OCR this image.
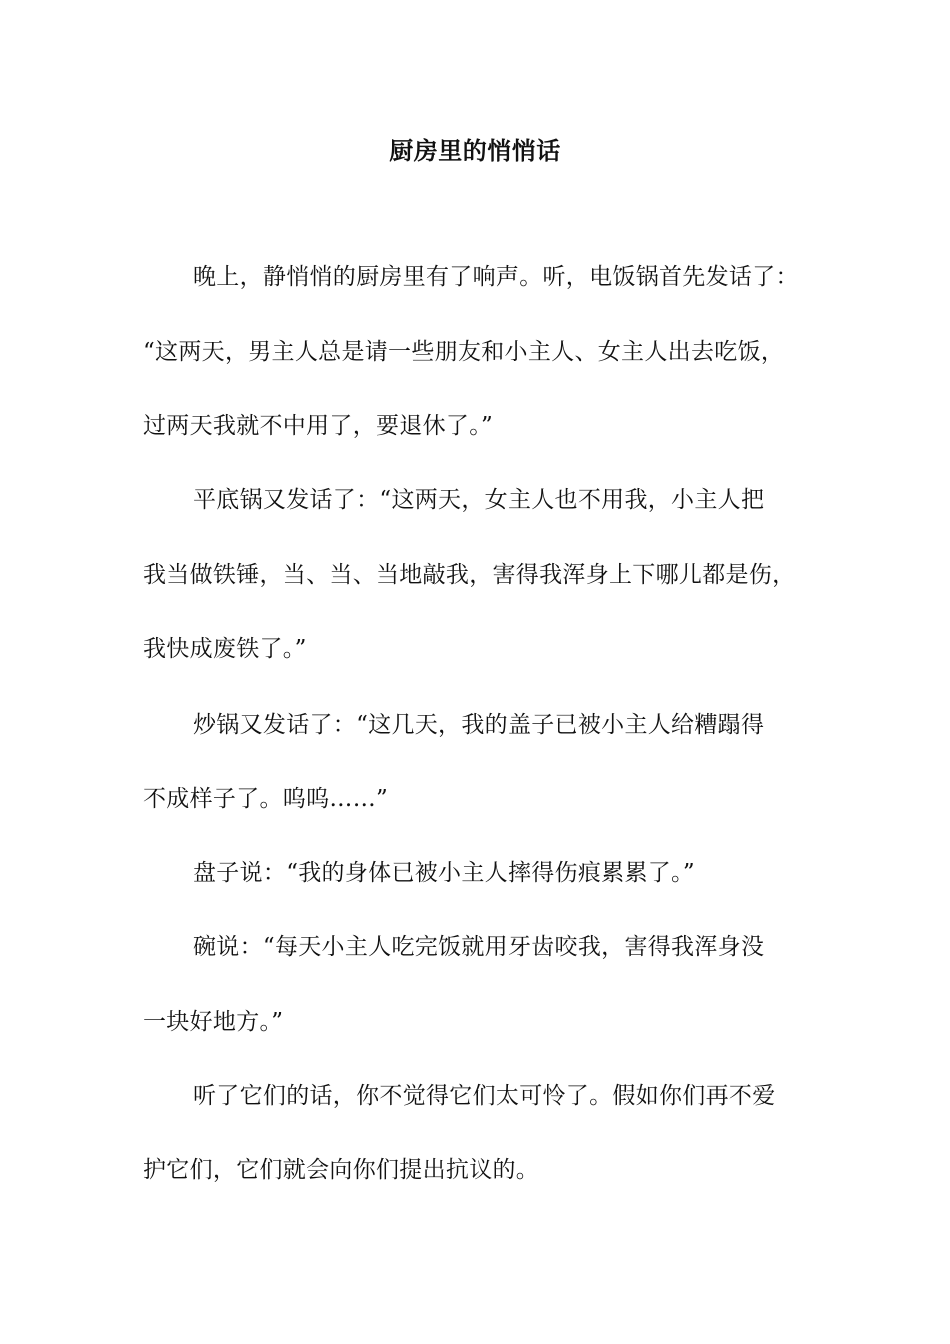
厨房里的悄悄话
晚上，静悄悄的厨房里有了响声。听，电饭锅首先发话了：
“这两天，男主人总是请一些朋友和小主人、女主人出去吃饭，
过两天我就不中用了，要退休了。”
平底锅又发话了：“这两天，女主人也不用我，小主人把
我当做铁锤，当、当、当地敲我，害得我浑身上下哪儿都是伤，
我快成废铁了。”
炒锅又发话了：“这几天，我的盖子已被小主人给糟蹋得
不成样子了。呜呜……”
盘子说：“我的身体已被小主人摔得伤痕累累了。”
碗说：“每天小主人吃完饭就用牙齿咬我，害得我浑身没
一块好地方。”
听了它们的话，你不觉得它们太可怜了。假如你们再不爱
护它们，它们就会向你们提出抗议的。
